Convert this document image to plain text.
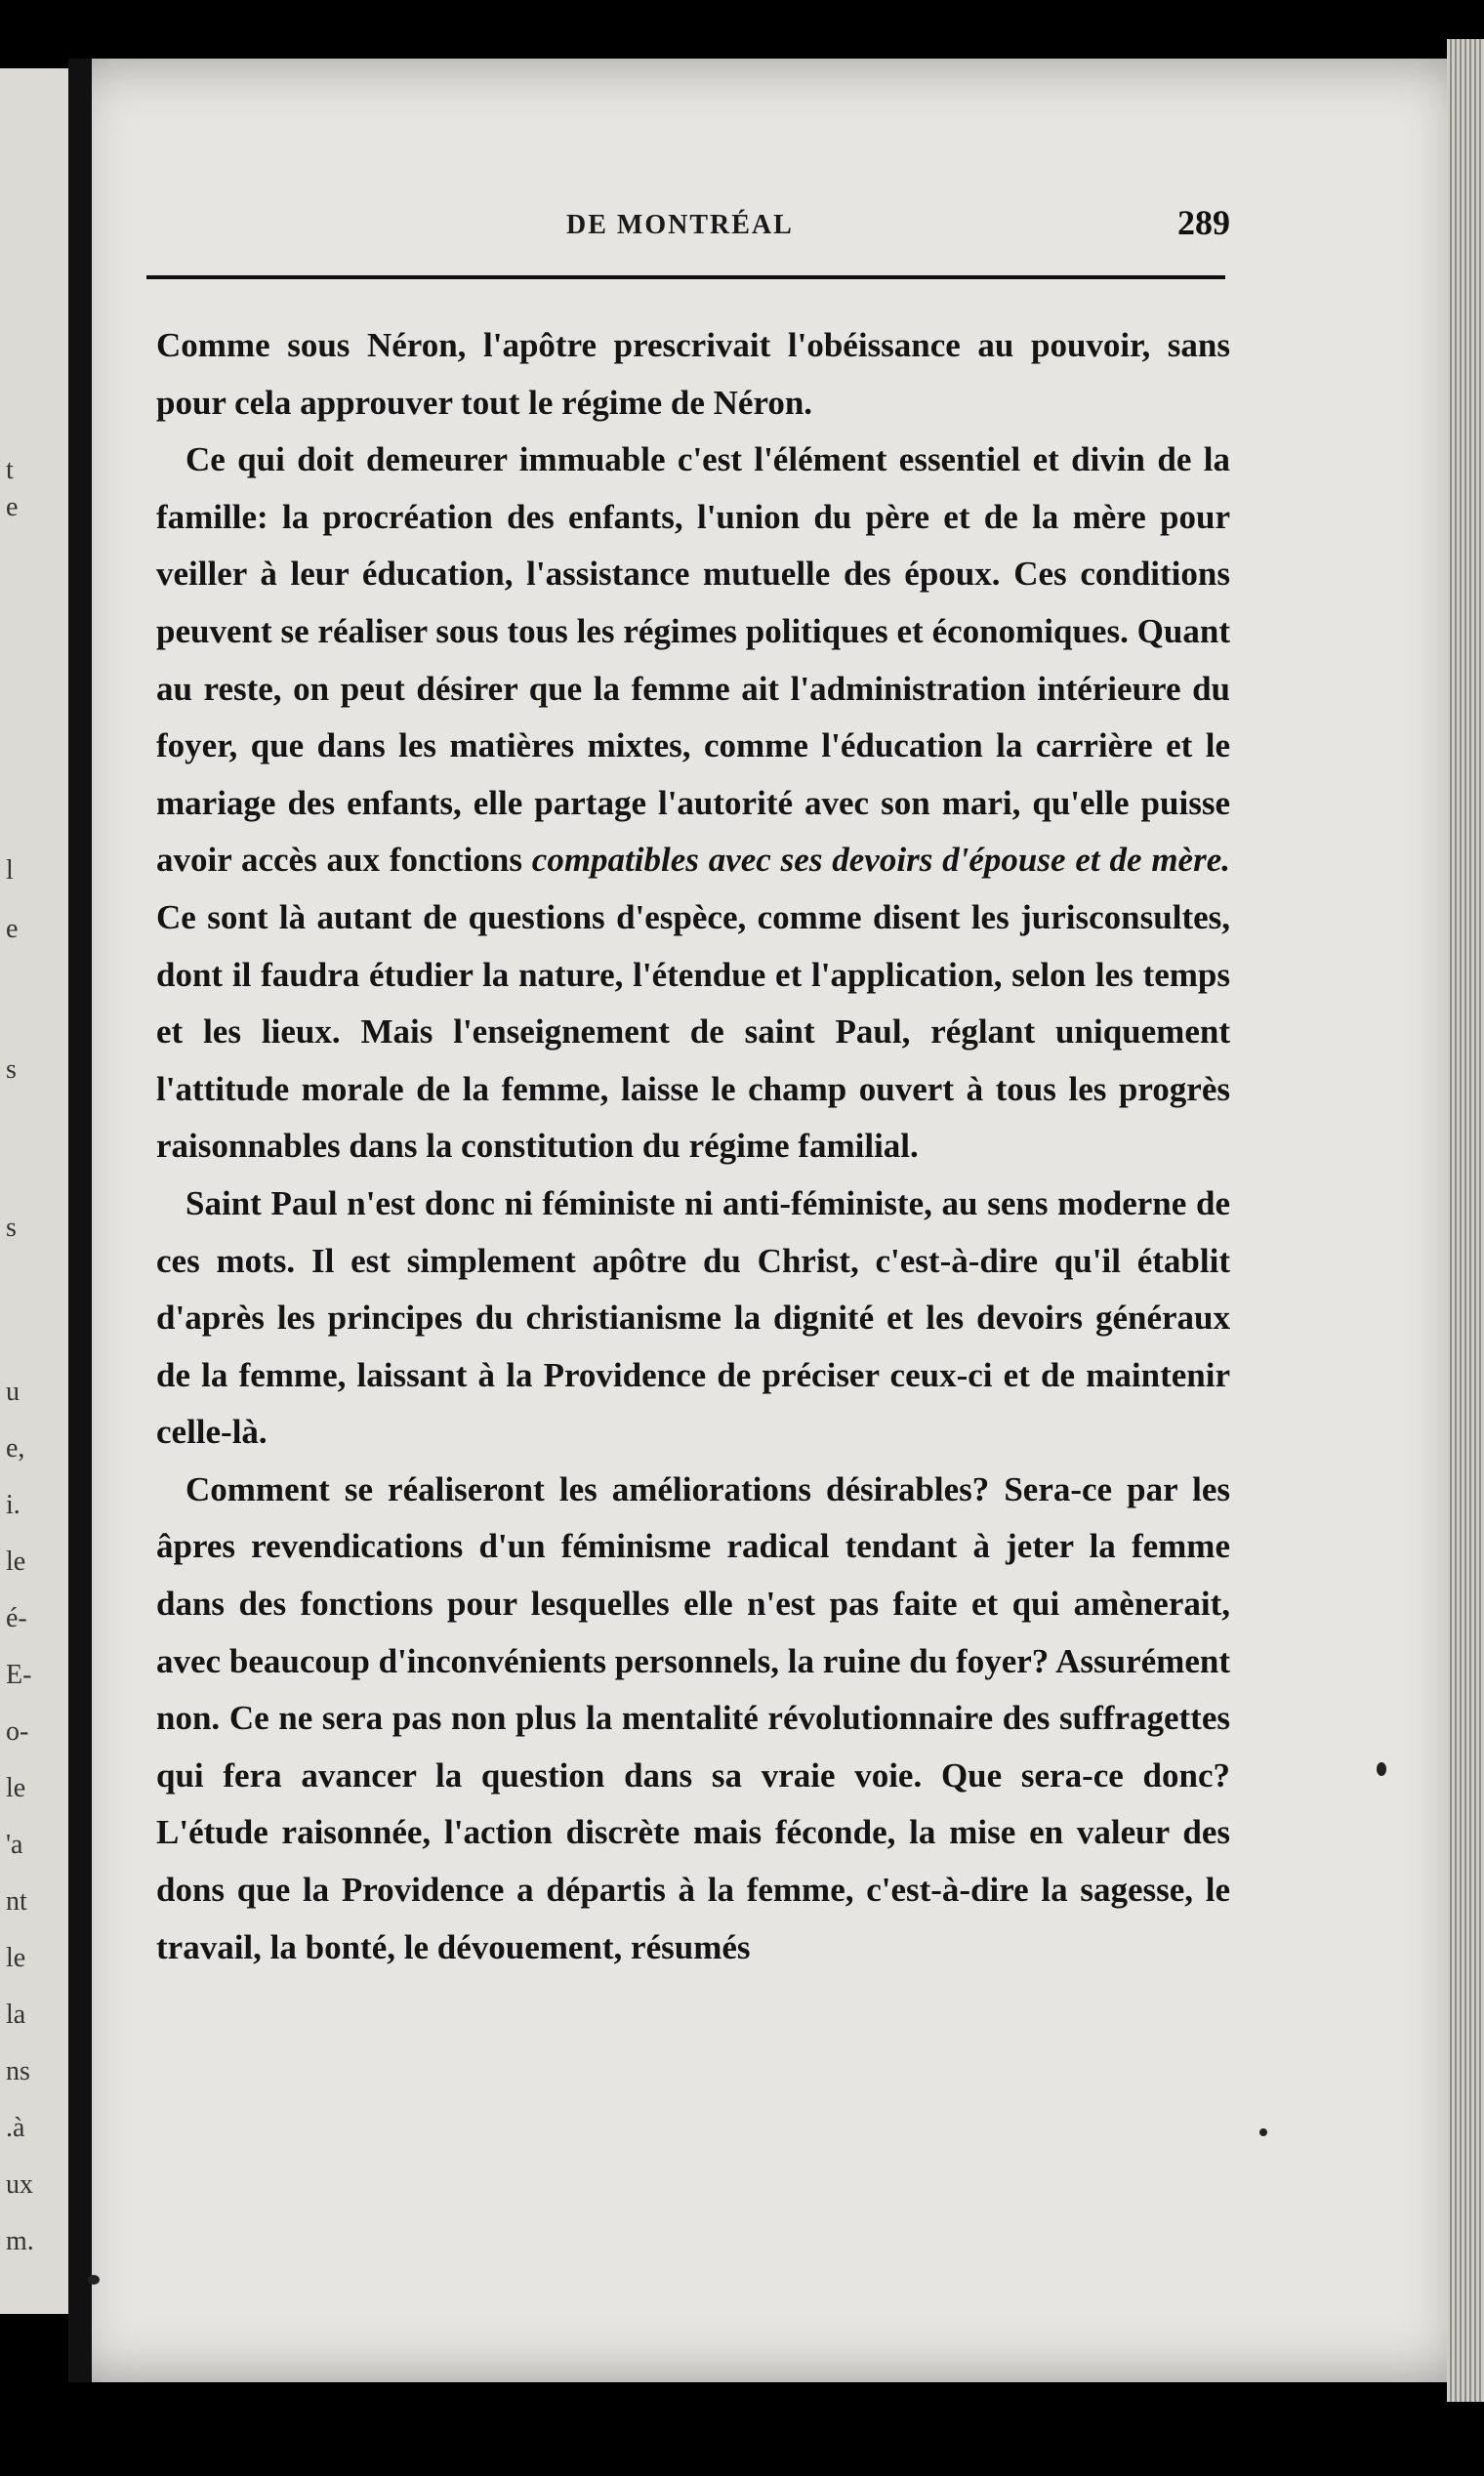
t
e
l
e
s
s
u
e,
i.
le
é-
E-
o-
le
'a
nt
le
la
ns
.à
ux
m.
DE MONTRÉAL	289

Comme sous Néron, l'apôtre prescrivait l'obéissance au pouvoir, sans pour cela approuver tout le régime de Néron.

Ce qui doit demeurer immuable c'est l'élément essentiel et divin de la famille: la procréation des enfants, l'union du père et de la mère pour veiller à leur éducation, l'assistance mutuelle des époux. Ces conditions peuvent se réaliser sous tous les régimes politiques et économiques. Quant au reste, on peut désirer que la femme ait l'administration intérieure du foyer, que dans les matières mixtes, comme l'éducation la carrière et le mariage des enfants, elle partage l'autorité avec son mari, qu'elle puisse avoir accès aux fonctions compatibles avec ses devoirs d'épouse et de mère. Ce sont là autant de questions d'espèce, comme disent les jurisconsultes, dont il faudra étudier la nature, l'étendue et l'application, selon les temps et les lieux. Mais l'enseignement de saint Paul, réglant uniquement l'attitude morale de la femme, laisse le champ ouvert à tous les progrès raisonnables dans la constitution du régime familial.

Saint Paul n'est donc ni féministe ni anti-féministe, au sens moderne de ces mots. Il est simplement apôtre du Christ, c'est-à-dire qu'il établit d'après les principes du christianisme la dignité et les devoirs généraux de la femme, laissant à la Providence de préciser ceux-ci et de maintenir celle-là.

Comment se réaliseront les améliorations désirables? Sera-ce par les âpres revendications d'un féminisme radical tendant à jeter la femme dans des fonctions pour lesquelles elle n'est pas faite et qui amènerait, avec beaucoup d'inconvénients personnels, la ruine du foyer? Assurément non. Ce ne sera pas non plus la mentalité révolutionnaire des suffragettes qui fera avancer la question dans sa vraie voie. Que sera-ce donc? L'étude raisonnée, l'action discrète mais féconde, la mise en valeur des dons que la Providence a départis à la femme, c'est-à-dire la sagesse, le travail, la bonté, le dévouement, résumés
